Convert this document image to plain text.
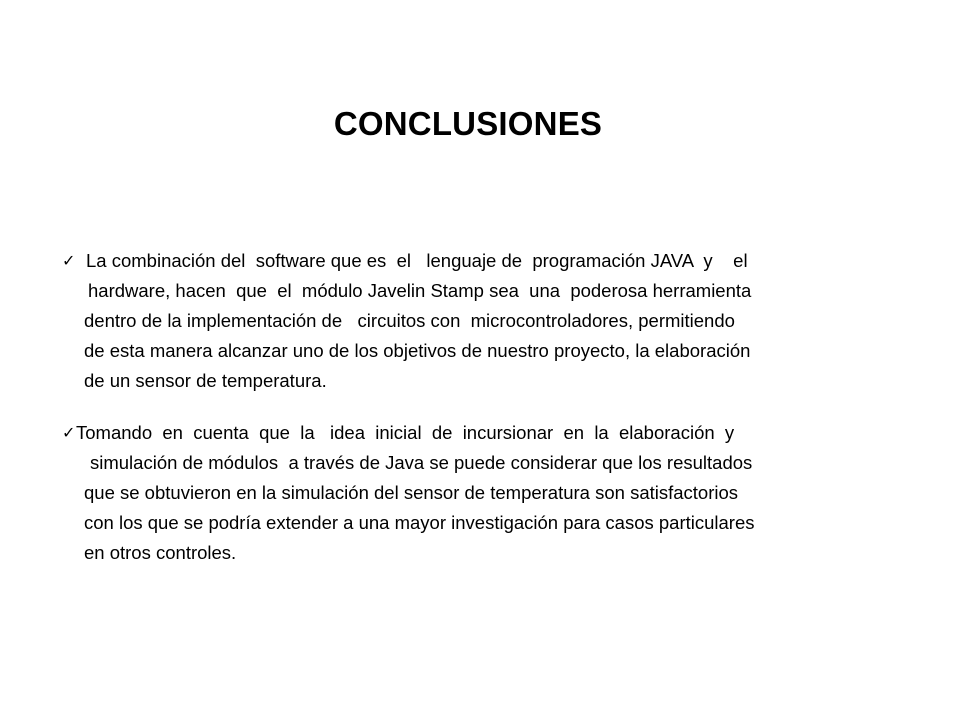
CONCLUSIONES
✓ La combinación del  software que es  el   lenguaje de  programación JAVA  y    el
hardware, hacen  que  el  módulo Javelin Stamp sea  una  poderosa herramienta
dentro de la implementación de   circuitos con  microcontroladores, permitiendo
de esta manera alcanzar uno de los objetivos de nuestro proyecto, la elaboración
de un sensor de temperatura.
✓ Tomando  en  cuenta  que  la   idea  inicial  de  incursionar  en  la  elaboración  y
simulación de módulos  a través de Java se puede considerar que los resultados
que se obtuvieron en la simulación del sensor de temperatura son satisfactorios
con los que se podría extender a una mayor investigación para casos particulares
en otros controles.
